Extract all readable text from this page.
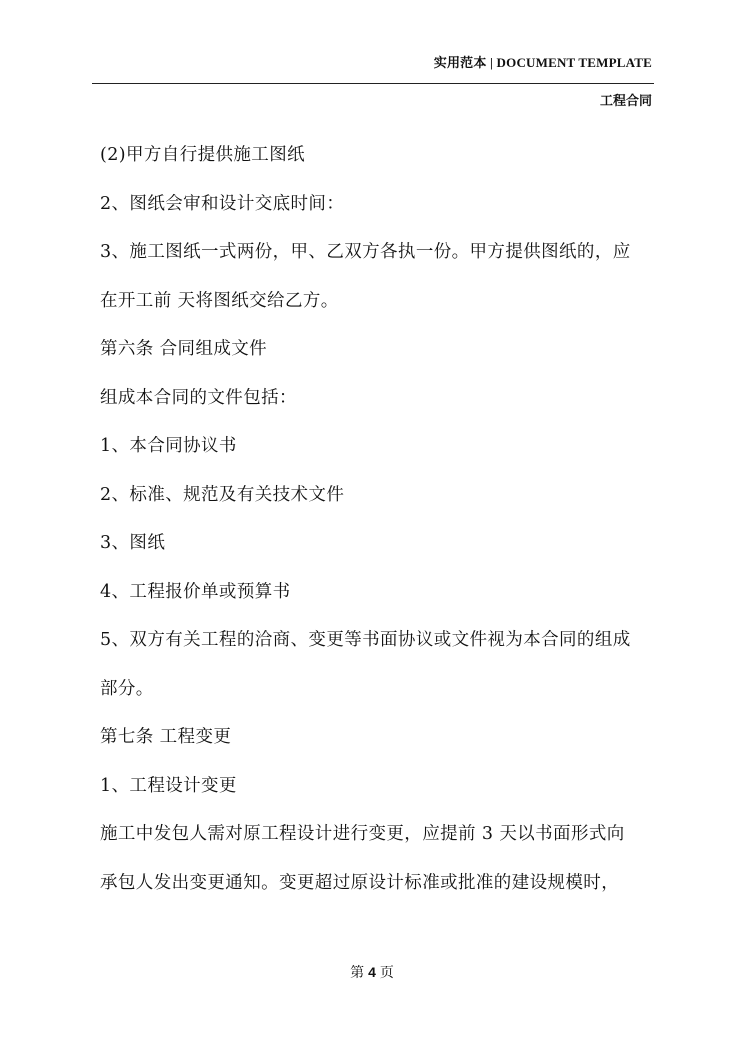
实用范本 | DOCUMENT TEMPLATE
工程合同
(2)甲方自行提供施工图纸
2、图纸会审和设计交底时间：
3、施工图纸一式两份，甲、乙双方各执一份。甲方提供图纸的，应
在开工前 天将图纸交给乙方。
第六条 合同组成文件
组成本合同的文件包括：
1、本合同协议书
2、标准、规范及有关技术文件
3、图纸
4、工程报价单或预算书
5、双方有关工程的洽商、变更等书面协议或文件视为本合同的组成
部分。
第七条 工程变更
1、工程设计变更
施工中发包人需对原工程设计进行变更，应提前 3 天以书面形式向
承包人发出变更通知。变更超过原设计标准或批准的建设规模时，
第 4 页
